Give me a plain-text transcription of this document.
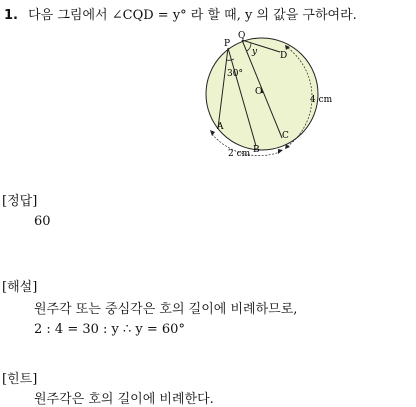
1. 다음 그림에서 ∠CQD = y° 라 할 때, y 의 값을 구하여라.
P
Q
D
O
A
B
C
30°
y
4 cm
2 cm
[정답]
60
[해설]
원주각 또는 중심각은 호의 길이에 비례하므로,
2 : 4 = 30 : y ∴ y = 60°
[힌트]
원주각은 호의 길이에 비례한다.
